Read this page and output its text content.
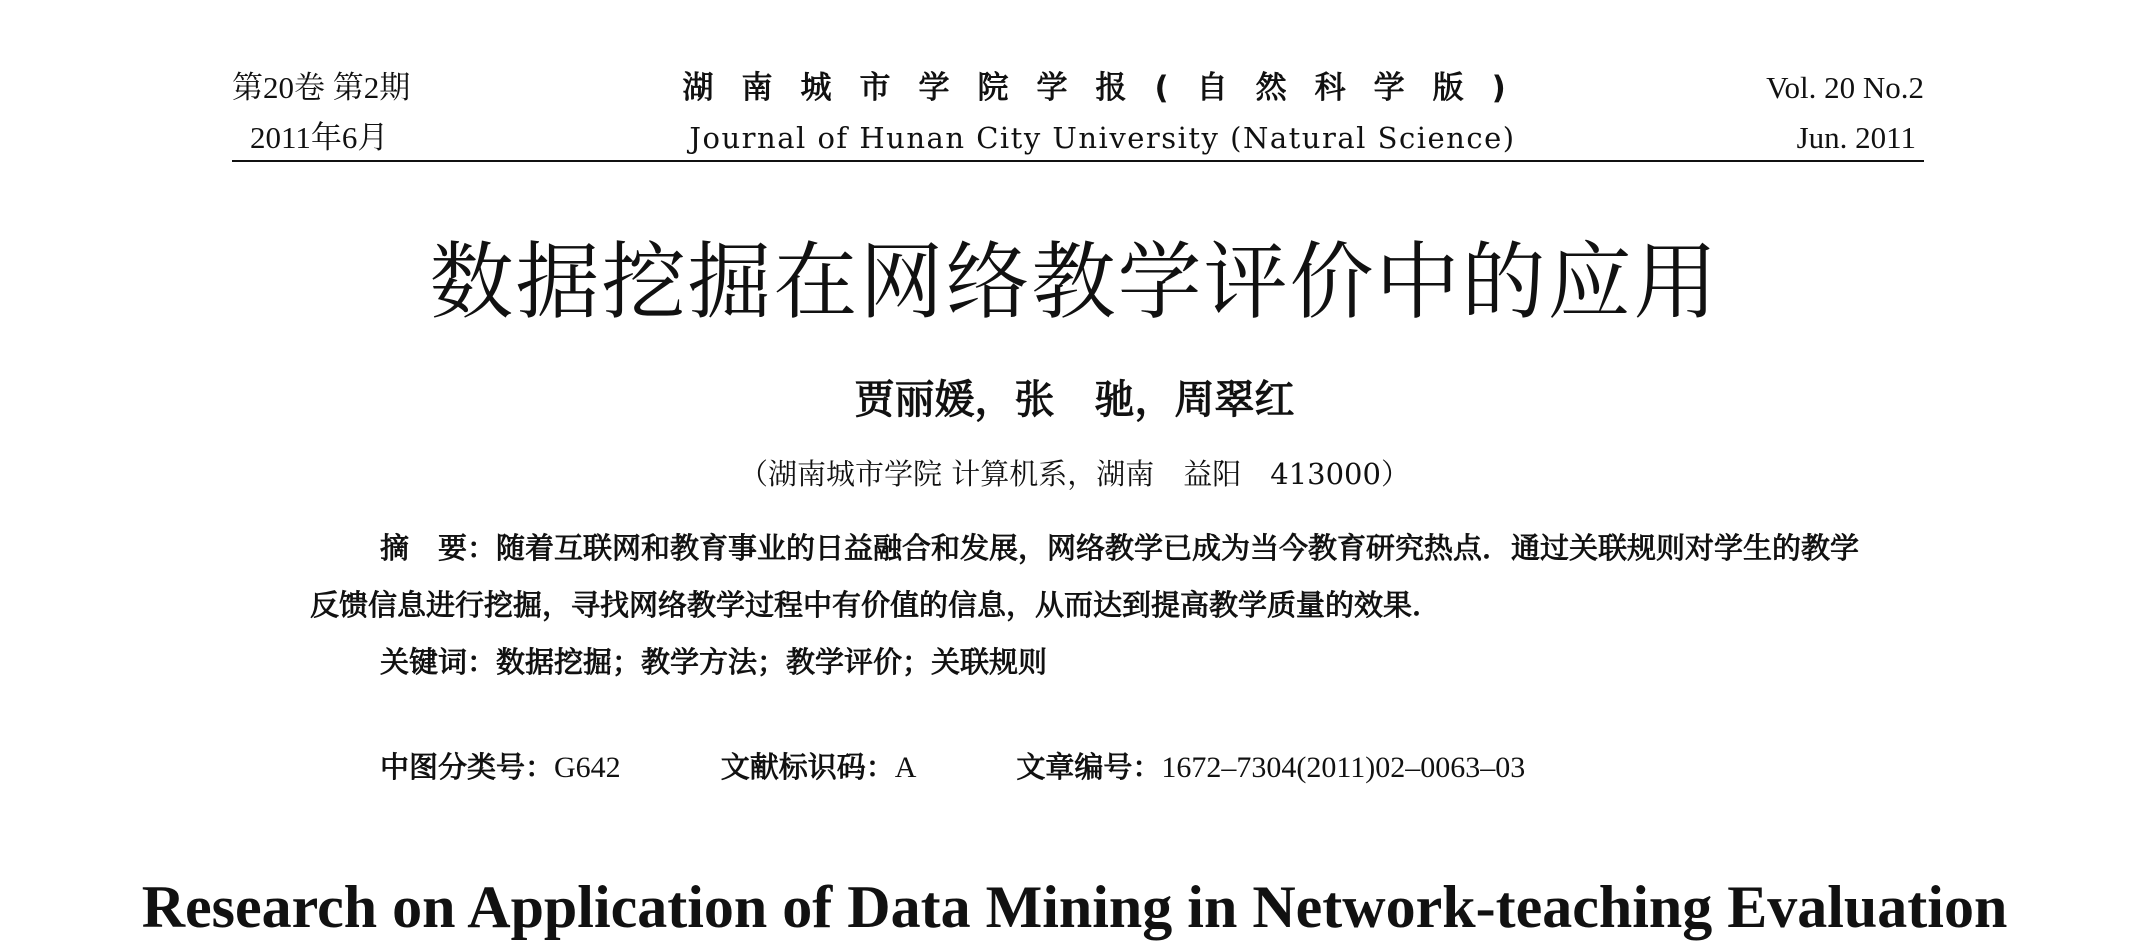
第20卷 第2期	湖南城市学院学报(自然科学版)	Vol. 20 No.2
2011年6月	Journal of Hunan City University (Natural Science)	Jun. 2011
数据挖掘在网络教学评价中的应用
贾丽媛，张　驰，周翠红
（湖南城市学院 计算机系，湖南　益阳　413000）
摘　要：随着互联网和教育事业的日益融合和发展，网络教学已成为当今教育研究热点．通过关联规则对学生的教学反馈信息进行挖掘，寻找网络教学过程中有价值的信息，从而达到提高教学质量的效果．
关键词：数据挖掘；教学方法；教学评价；关联规则
中图分类号： G642	文献标识码： A	文章编号： 1672–7304(2011)02–0063–03
Research on Application of Data Mining in Network-teaching Evaluation
